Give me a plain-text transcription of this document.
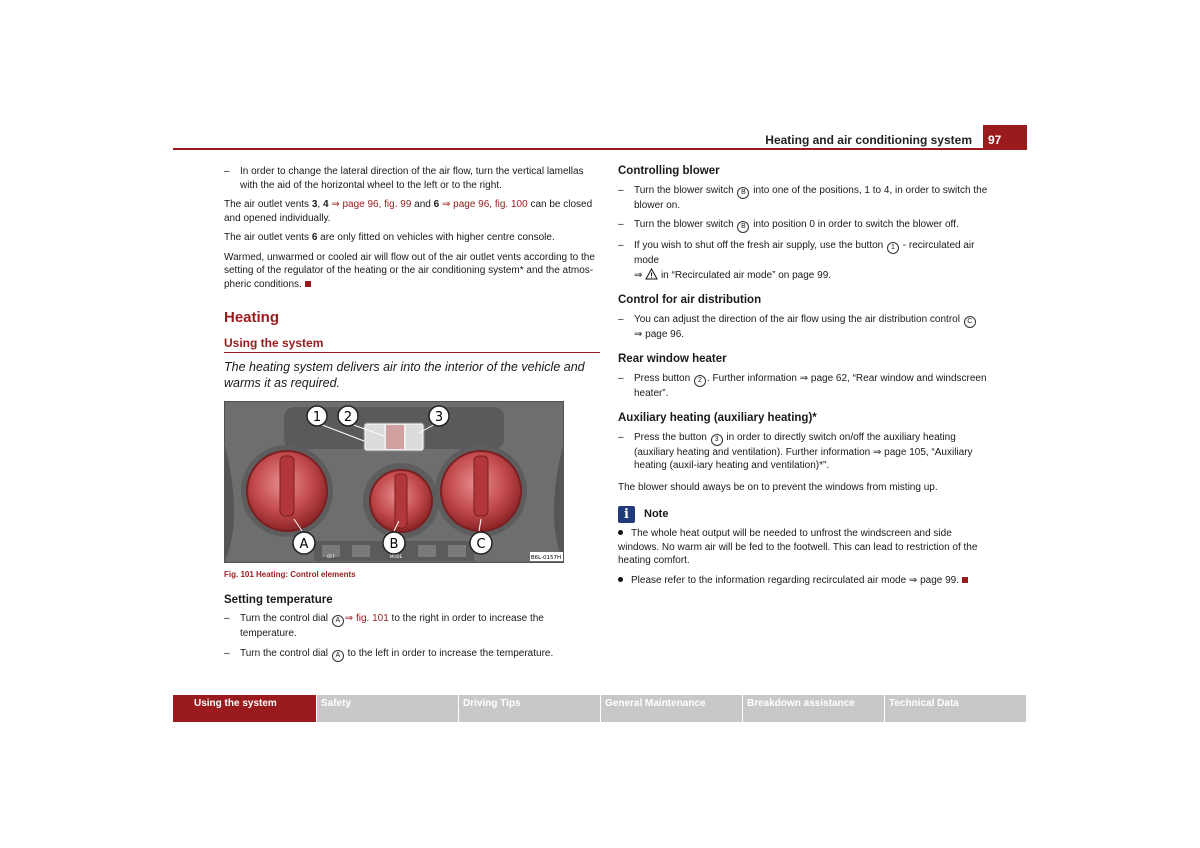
Heating and air conditioning system 97
– In order to change the lateral direction of the air flow, turn the vertical lamellas with the aid of the horizontal wheel to the left or to the right.

The air outlet vents 3, 4 ⇒ page 96, fig. 99 and 6 ⇒ page 96, fig. 100 can be closed and opened individually.

The air outlet vents 6 are only fitted on vehicles with higher centre console.

Warmed, unwarmed or cooled air will flow out of the air outlet vents according to the setting of the regulator of the heating or the air conditioning system* and the atmos-pheric conditions.

Heating
Using the system
The heating system delivers air into the interior of the vehicle and warms it as required.
OFF	MODE
1 2	3
A	B	C
B6L-0157H
Fig. 101 Heating: Control elements
Setting temperature
– Turn the control dial A ⇒ fig. 101 to the right in order to increase the temperature.
– Turn the control dial A to the left in order to increase the temperature.
Controlling blower
– Turn the blower switch B into one of the positions, 1 to 4, in order to switch the blower on.
– Turn the blower switch B into position 0 in order to switch the blower off.
– If you wish to shut off the fresh air supply, use the button 1 - recirculated air mode
⇒  in “Recirculated air mode” on page 99.
Control for air distribution
– You can adjust the direction of the air flow using the air distribution control C
⇒ page 96.
Rear window heater
– Press button 2 . Further information ⇒ page 62, “Rear window and windscreen heater”.
Auxiliary heating (auxiliary heating)*
– Press the button 3 in order to directly switch on/off the auxiliary heating (auxiliary heating and ventilation). Further information ⇒ page 105, “Auxiliary heating (auxil-iary heating and ventilation)*”.

The blower should aways be on to prevent the windows from misting up.

i	Note
The whole heat output will be needed to unfrost the windscreen and side windows. No warm air will be fed to the footwell. This can lead to restriction of the heating comfort.
Please refer to the information regarding recirculated air mode ⇒ page 99.
Using the system	Safety	Driving Tips	General Maintenance	Breakdown assistance	Technical Data
